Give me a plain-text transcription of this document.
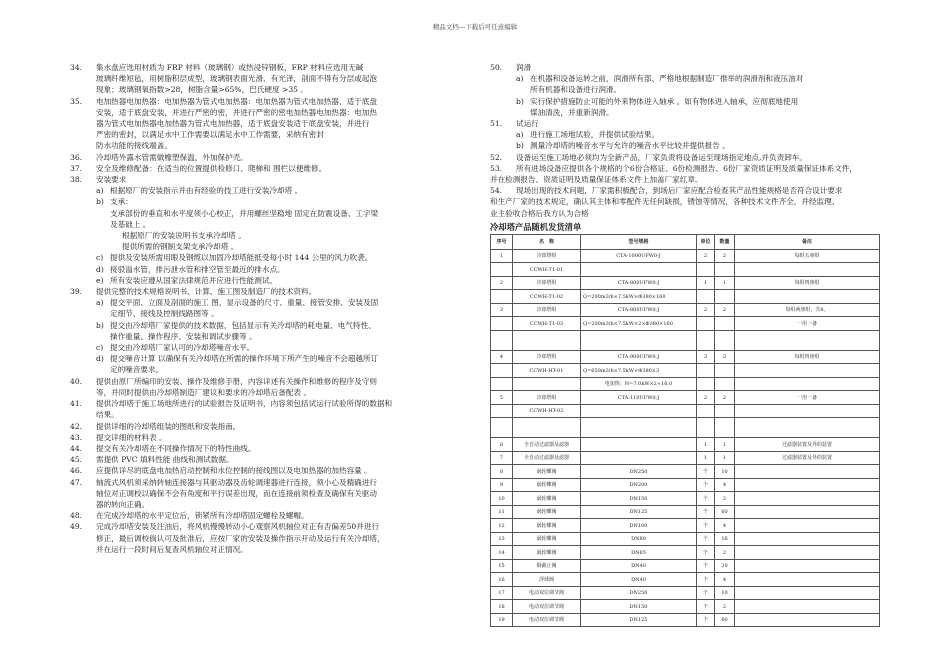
精品文档---下载后可任意编辑
34.	集水盘应选用材质为 FRP 材料（玻璃钢）或热浸锌钢板，FRP 材料应选用无碱
玻璃纤维短毡，用树脂积层成型，玻璃钢表面光滑、有光泽，剖面不得有分层或起泡
现象；玻璃钢氧指数>28，树脂含量>65%，巴氏硬度 >35 。
35.	电加热器电加热器：电加热器为管式电加热器：电加热器为管式电加热器，适于底盘
安装，适于底盘安装，并进行严密的密，并进行严密的密电加热器电加热器：电加热
器为管式电加热器电加热器为管式电加热器，适于底盘安装适于底盘安装，并进行
严密的密封，以满足水中工作需要以满足水中工作需要，采纳有密封
防水功能的接线端盖。
36.	冷却塔外露水管需做橡塑保温，外加保护壳。
37.	安全及维修配备：在适当的位置提供检修口、爬梯和 围栏以便维修。
38.	安装要求
a) 根据原厂的安装指示并由有经验的技工进行安装冷却塔 。
b) 支承：
支承部份的垂直和水平度须小心校正，并用螺丝坚稳地 固定在防震设备、工字梁
及基础上 。
根据原厂的安装说明书支承冷却塔 。
提供所需的钢制支架支承冷却塔 。
c) 提供及安装所需用眼及钢缆以加固冷却塔能抵受每小时 144 公里的风力吹袭。
d) 接驳溢水管，排污泄水管和排空管至最近的排水点。
e) 所有安装应遵从国家法律规范并应进行性能测试。
39.	提供完整的技术规格说明书、计算、施工图及制造厂的技术资料。
a) 提交平面、立面及剖面的施工 图，显示设备的尺寸、重量、接管安排、安装及固
定细节、接线及控制线路图等 。
b) 提交由冷却塔厂家提供的技术数据，包括显示有关冷却塔的耗电量、电气特性、
操作重量、操作程序、安装和调试步骤等 。
c) 提交由冷却塔厂家认可的冷却塔噪音水平。
d) 提交噪音计算 以确保有关冷却塔在所需的操作环境下所产生的噪音不会超越所订
定的噪音要求。
40.	提供由原厂所编印的安装、操作及维修手册，内容详述有关操作和维修的程序及守则
等，并同时提供由冷却塔制造厂建议和要求的冷却塔后备配表 。
41.	提供冷却塔于施工场地所进行的试验报告及证明书，内容须包括试运行试验所得的数据和
结果。
42.	提供详细的冷却塔组装的图纸和安装指南。
43.	提交详细的材料表 。
44.	提交有关冷却塔在不同操作情况下的特性曲线。
45.	需提供 PVC 填料性能 曲线和测试数据。
46.	应提供详尽的底盘电加热启动控制和水位控制的接线图以及电加热器的加热容量 。
47.	轴流式风机须采纳转轴连接器与其驱动器及齿轮调速器进行连接，须小心及精确进行
轴位对正调校以确保不会有角度和平行误差出现，而在连接前须检查及确保有关驱动
器的转向正确。
48.	在完成冷却塔的水平定位后，锁紧所有冷却塔固定螺栓及螺帽。
49.	完成冷却塔安装及注油后，将风机慢慢转动小心观察风机轴位对正有否偏差50并进行
修正，最后调校倘认可及批准后，应按厂家的安装及操作指示开动及运行有关冷却塔，
并在运行一段时间后复查风机轴位对正情况。
50.	润滑
a) 在机器和设备运转之前，润滑所有部、严格地根据制造厂推举的润滑剂和液压油对
所有机器和设备进行润滑。
b) 实行保护措施防止可能的外来物体进入轴承 。如有物体进入轴承，应彻底地使用
煤油清洗，并重新润滑。
51.	试运行
a) 进行施工场地试验，并提供试验结果。
b) 测量冷却塔的噪音水平与允许的噪音水平比较并提供报告 。
52.	设备运至施工场地必须均为全新产品，厂家负责将设备运至现场指定地点,并负责卸车。
53.	所有进场设备应提供各个规格的个6份合格证、6份检测报告、6份厂家资质证明及质量保证体系文件，
并在检测报告、资质证明及质量保证体系文件上加盖厂家红章。
54.	现场出现的技术问题，厂家需积极配合，到场后厂家应配合检查其产品性能规格是否符合设计要求
和生产厂家的技术规定，确认其主体和零配件无任何缺损，锈蚀等情况，各种技术文件齐全，并经监理、
业主验收合格后我方认为合格
冷却塔产品随机发货清单
序号	名　称	型号规格	单位	数量	备注
1	冷却塔组	CTA-1000UFW0-J	2	2	每组五座组
	CCWH-T1-01				
2	冷却塔组	CTA-800UFW0-J	1	1	每组四座组
	CCWH-T1-02	Q=200m3/h×7.5kW×Φ380×160			
3	冷却塔组	CTA-800UFW0-J	2	2	每组两座组，共8。
	CCWH-T1-03	Q=200m3/h×7.5kW×2×Φ380×160			一用一备

4	冷却塔组	CTA-900UFW0-J	3	3	每组四座组
	CCWH-HT-01	Q=650m3/h×7.5kW×Φ380×3			
		电加热：N=7.0kW×2+16.0			
5	冷却塔组	CTA-110UFW0-J	2	2	一用一备
	CCWH-HT-02				

6	全自动过滤器及滤器		1	1	过滤器装置及外的装置
7	全自动过滤器及滤器		1	1	过滤器装置及外的装置
8	涡轮蝶阀	DN250	个	10	
9	涡轮蝶阀	DN200	个	4	
10	涡轮蝶阀	DN150	个	2	
11	涡轮蝶阀	DN125	个	60	
12	涡轮蝶阀	DN100	个	4	
13	涡轮蝶阀	DN80	个	16	
14	涡轮蝶阀	DN65	个	2	
15	铜截止阀	DN40	个	20	
16	浮球阀	DN40	个	4	
17	电动双位调节阀	DN250	个	10	
18	电动双位调节阀	DN150	个	2	
19	电动双位调节阀	DN125	个	60	
